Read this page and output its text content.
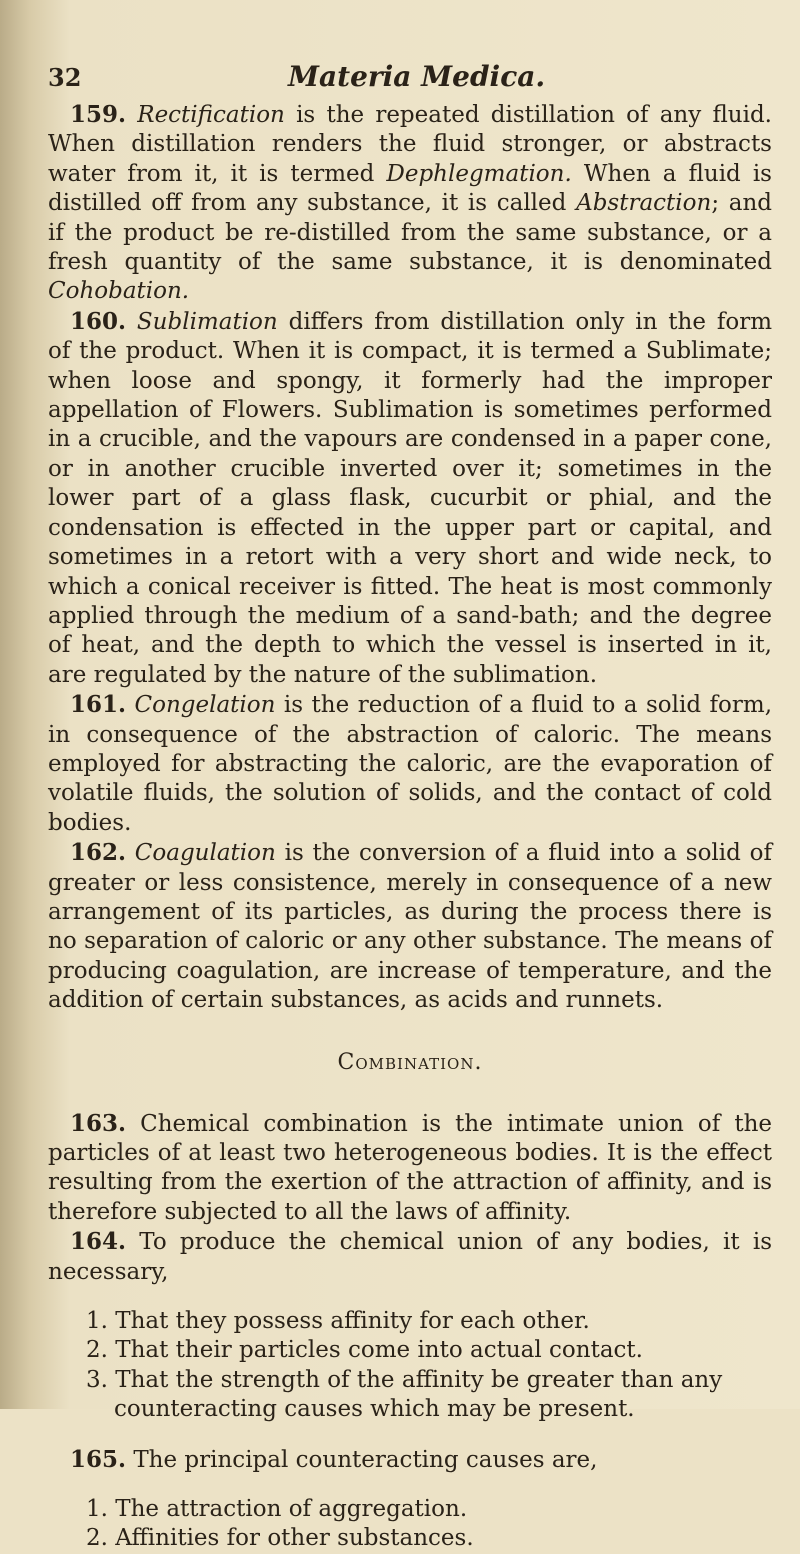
32	Materia Medica.

159. Rectification is the repeated distillation of any fluid. When distillation renders the fluid stronger, or abstracts water from it, it is termed Dephlegmation. When a fluid is distilled off from any substance, it is called Abstraction; and if the product be re-distilled from the same substance, or a fresh quantity of the same substance, it is denominated Cohobation.

160. Sublimation differs from distillation only in the form of the product. When it is compact, it is termed a Sublimate; when loose and spongy, it formerly had the improper appellation of Flowers. Sublimation is sometimes performed in a crucible, and the vapours are condensed in a paper cone, or in another crucible inverted over it; sometimes in the lower part of a glass flask, cucurbit or phial, and the condensation is effected in the upper part or capital, and sometimes in a retort with a very short and wide neck, to which a conical receiver is fitted. The heat is most commonly applied through the medium of a sand-bath; and the degree of heat, and the depth to which the vessel is inserted in it, are regulated by the nature of the sublimation.

161. Congelation is the reduction of a fluid to a solid form, in consequence of the abstraction of caloric. The means employed for abstracting the caloric, are the evaporation of volatile fluids, the solution of solids, and the contact of cold bodies.

162. Coagulation is the conversion of a fluid into a solid of greater or less consistence, merely in consequence of a new arrangement of its particles, as during the process there is no separation of caloric or any other substance. The means of producing coagulation, are increase of temperature, and the addition of certain substances, as acids and runnets.

Combination.

163. Chemical combination is the intimate union of the particles of at least two heterogeneous bodies. It is the effect resulting from the exertion of the attraction of affinity, and is therefore subjected to all the laws of affinity.

164. To produce the chemical union of any bodies, it is necessary,

1. That they possess affinity for each other.
2. That their particles come into actual contact.
3. That the strength of the affinity be greater than any counteracting causes which may be present.

165. The principal counteracting causes are,

1. The attraction of aggregation.
2. Affinities for other substances.
